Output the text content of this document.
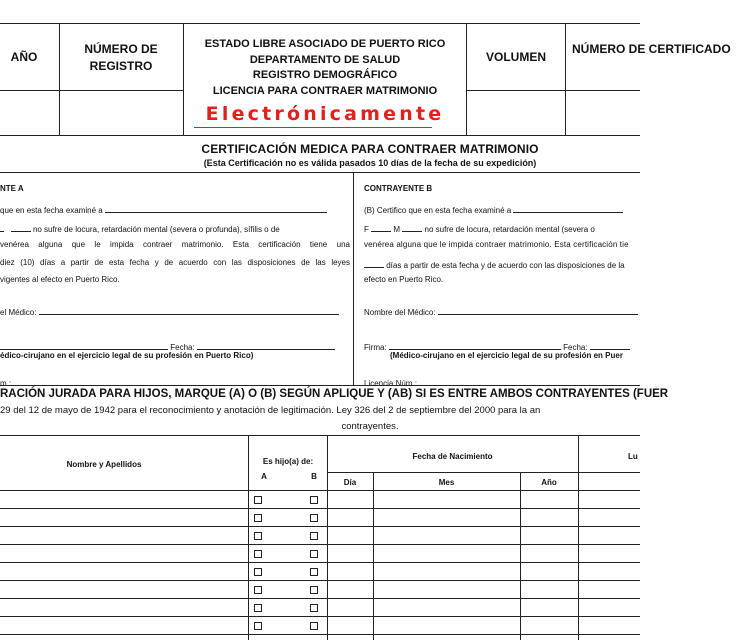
AÑO
NÚMERO DE REGISTRO
ESTADO LIBRE ASOCIADO DE PUERTO RICO
DEPARTAMENTO DE SALUD
REGISTRO DEMOGRÁFICO
LICENCIA PARA CONTRAER MATRIMONIO
Electrónicamente
VOLUMEN
NÚMERO DE CERTIFICADO
CERTIFICACIÓN MEDICA PARA CONTRAER MATRIMONIO
(Esta Certificación no es válida pasados 10 días de la fecha de su expedición)
NTE A
que en esta fecha examiné a
no sufre de locura, retardación mental (severa o profunda), sífilis o de
venérea alguna que le impida contraer matrimonio. Esta certificación tiene una
diez (10) días a partir de esta fecha y de acuerdo con las disposiciones de las leyes
vigentes al efecto en Puerto Rico.
el Médico:
Fecha:
édico-cirujano en el ejercicio legal de su profesión en Puerto Rico)
m.:
CONTRAYENTE B
(B) Certifico que en esta fecha examiné a
F	M	no sufre de locura, retardación mental (severa o
venérea alguna que le impida contraer matrimonio. Esta certificación tie
días a partir de esta fecha y de acuerdo con las disposiciones de la
efecto en Puerto Rico.
Nombre del Médico:
Firma:	Fecha:
(Médico-cirujano en el ejercicio legal de su profesión en Puer
Licencia Núm.:
RACIÓN JURADA PARA HIJOS, MARQUE (A) O (B) SEGÚN APLIQUE Y (AB) SI ES ENTRE AMBOS CONTRAYENTES (FUER
29 del 12 de mayo de 1942 para el reconocimiento y anotación de legitimación. Ley 326 del 2 de septiembre del 2000 para la an
contrayentes.
Nombre y Apellidos	Es hijo(a) de:
A	B
Fecha de Nacimiento
Día	Mes	Año
Lu
